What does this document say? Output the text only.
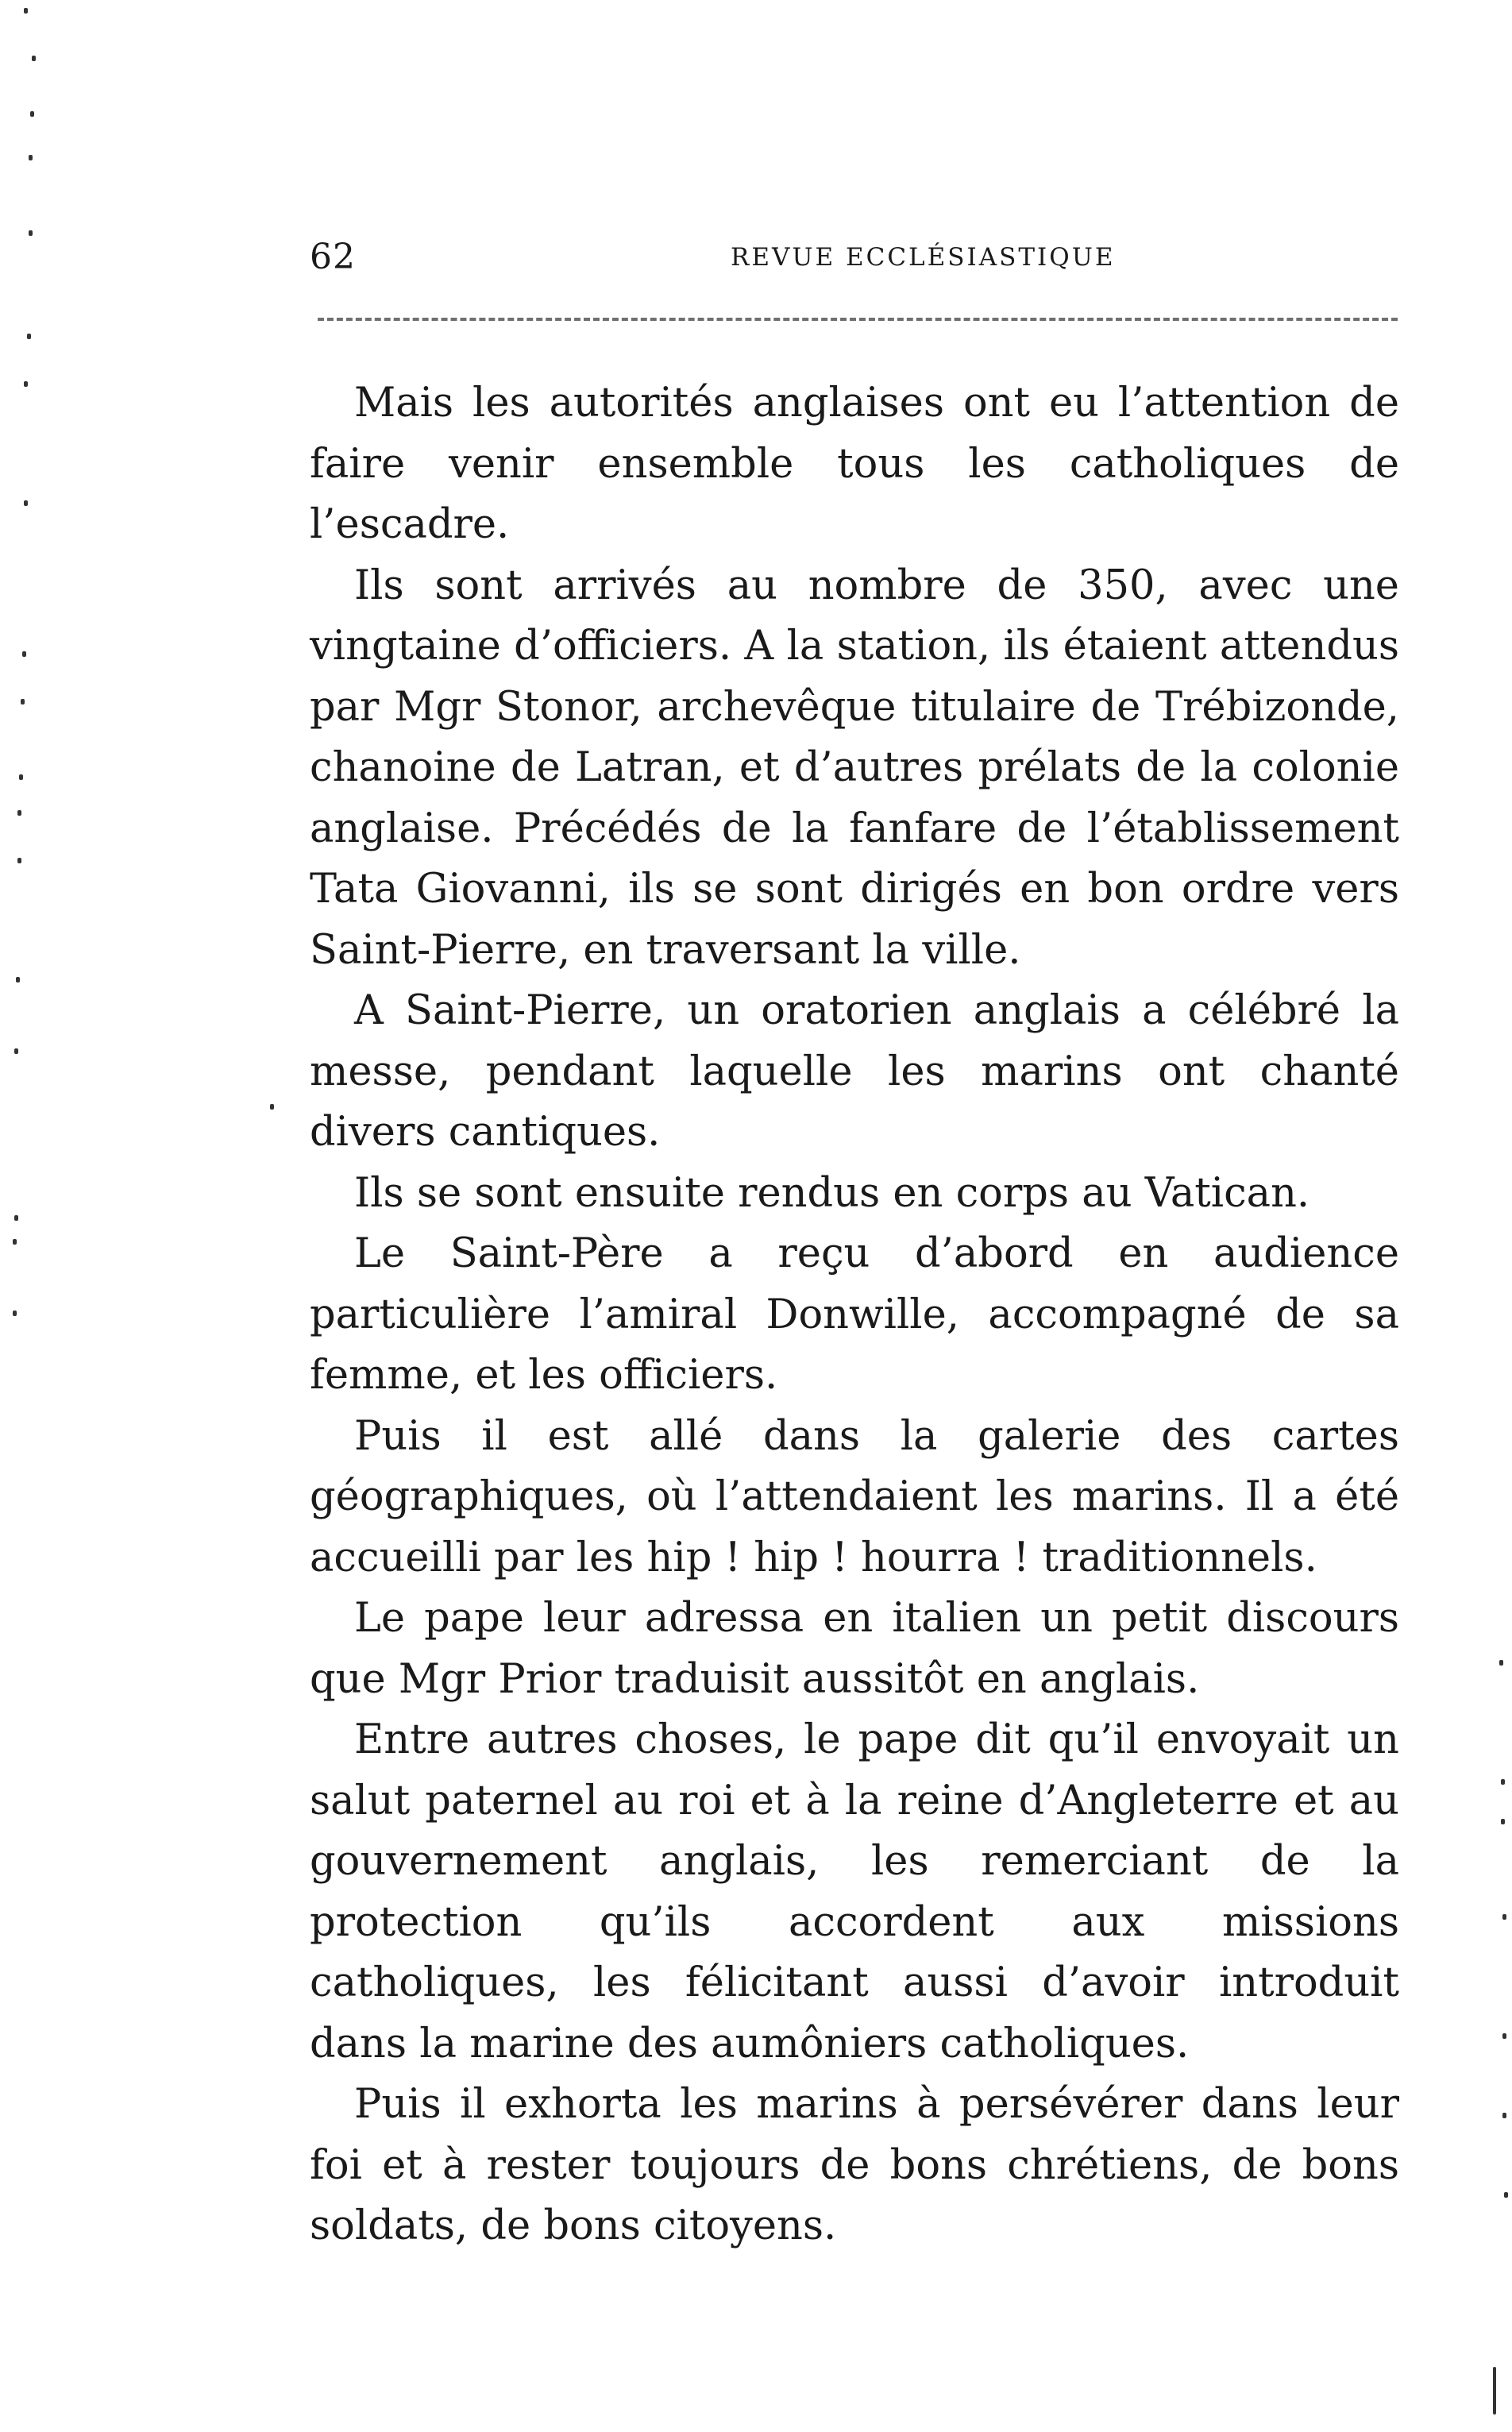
62	REVUE ECCLÉSIASTIQUE

Mais les autorités anglaises ont eu l’attention de faire venir ensemble tous les catholiques de l’escadre.

Ils sont arrivés au nombre de 350, avec une vingtaine d’officiers. A la station, ils étaient attendus par Mgr Stonor, archevêque titulaire de Trébizonde, chanoine de Latran, et d’autres prélats de la colonie anglaise. Précédés de la fanfare de l’établissement Tata Giovanni, ils se sont dirigés en bon ordre vers Saint-Pierre, en traversant la ville.

A Saint-Pierre, un oratorien anglais a célébré la messe, pendant laquelle les marins ont chanté divers cantiques.

Ils se sont ensuite rendus en corps au Vatican.

Le Saint-Père a reçu d’abord en audience particulière l’amiral Donwille, accompagné de sa femme, et les officiers.

Puis il est allé dans la galerie des cartes géographiques, où l’attendaient les marins. Il a été accueilli par les hip ! hip ! hourra ! traditionnels.

Le pape leur adressa en italien un petit discours que Mgr Prior traduisit aussitôt en anglais.

Entre autres choses, le pape dit qu’il envoyait un salut paternel au roi et à la reine d’Angleterre et au gouvernement anglais, les remerciant de la protection qu’ils accordent aux missions catholiques, les félicitant aussi d’avoir introduit dans la marine des aumôniers catholiques.

Puis il exhorta les marins à persévérer dans leur foi et à rester toujours de bons chrétiens, de bons soldats, de bons citoyens.
